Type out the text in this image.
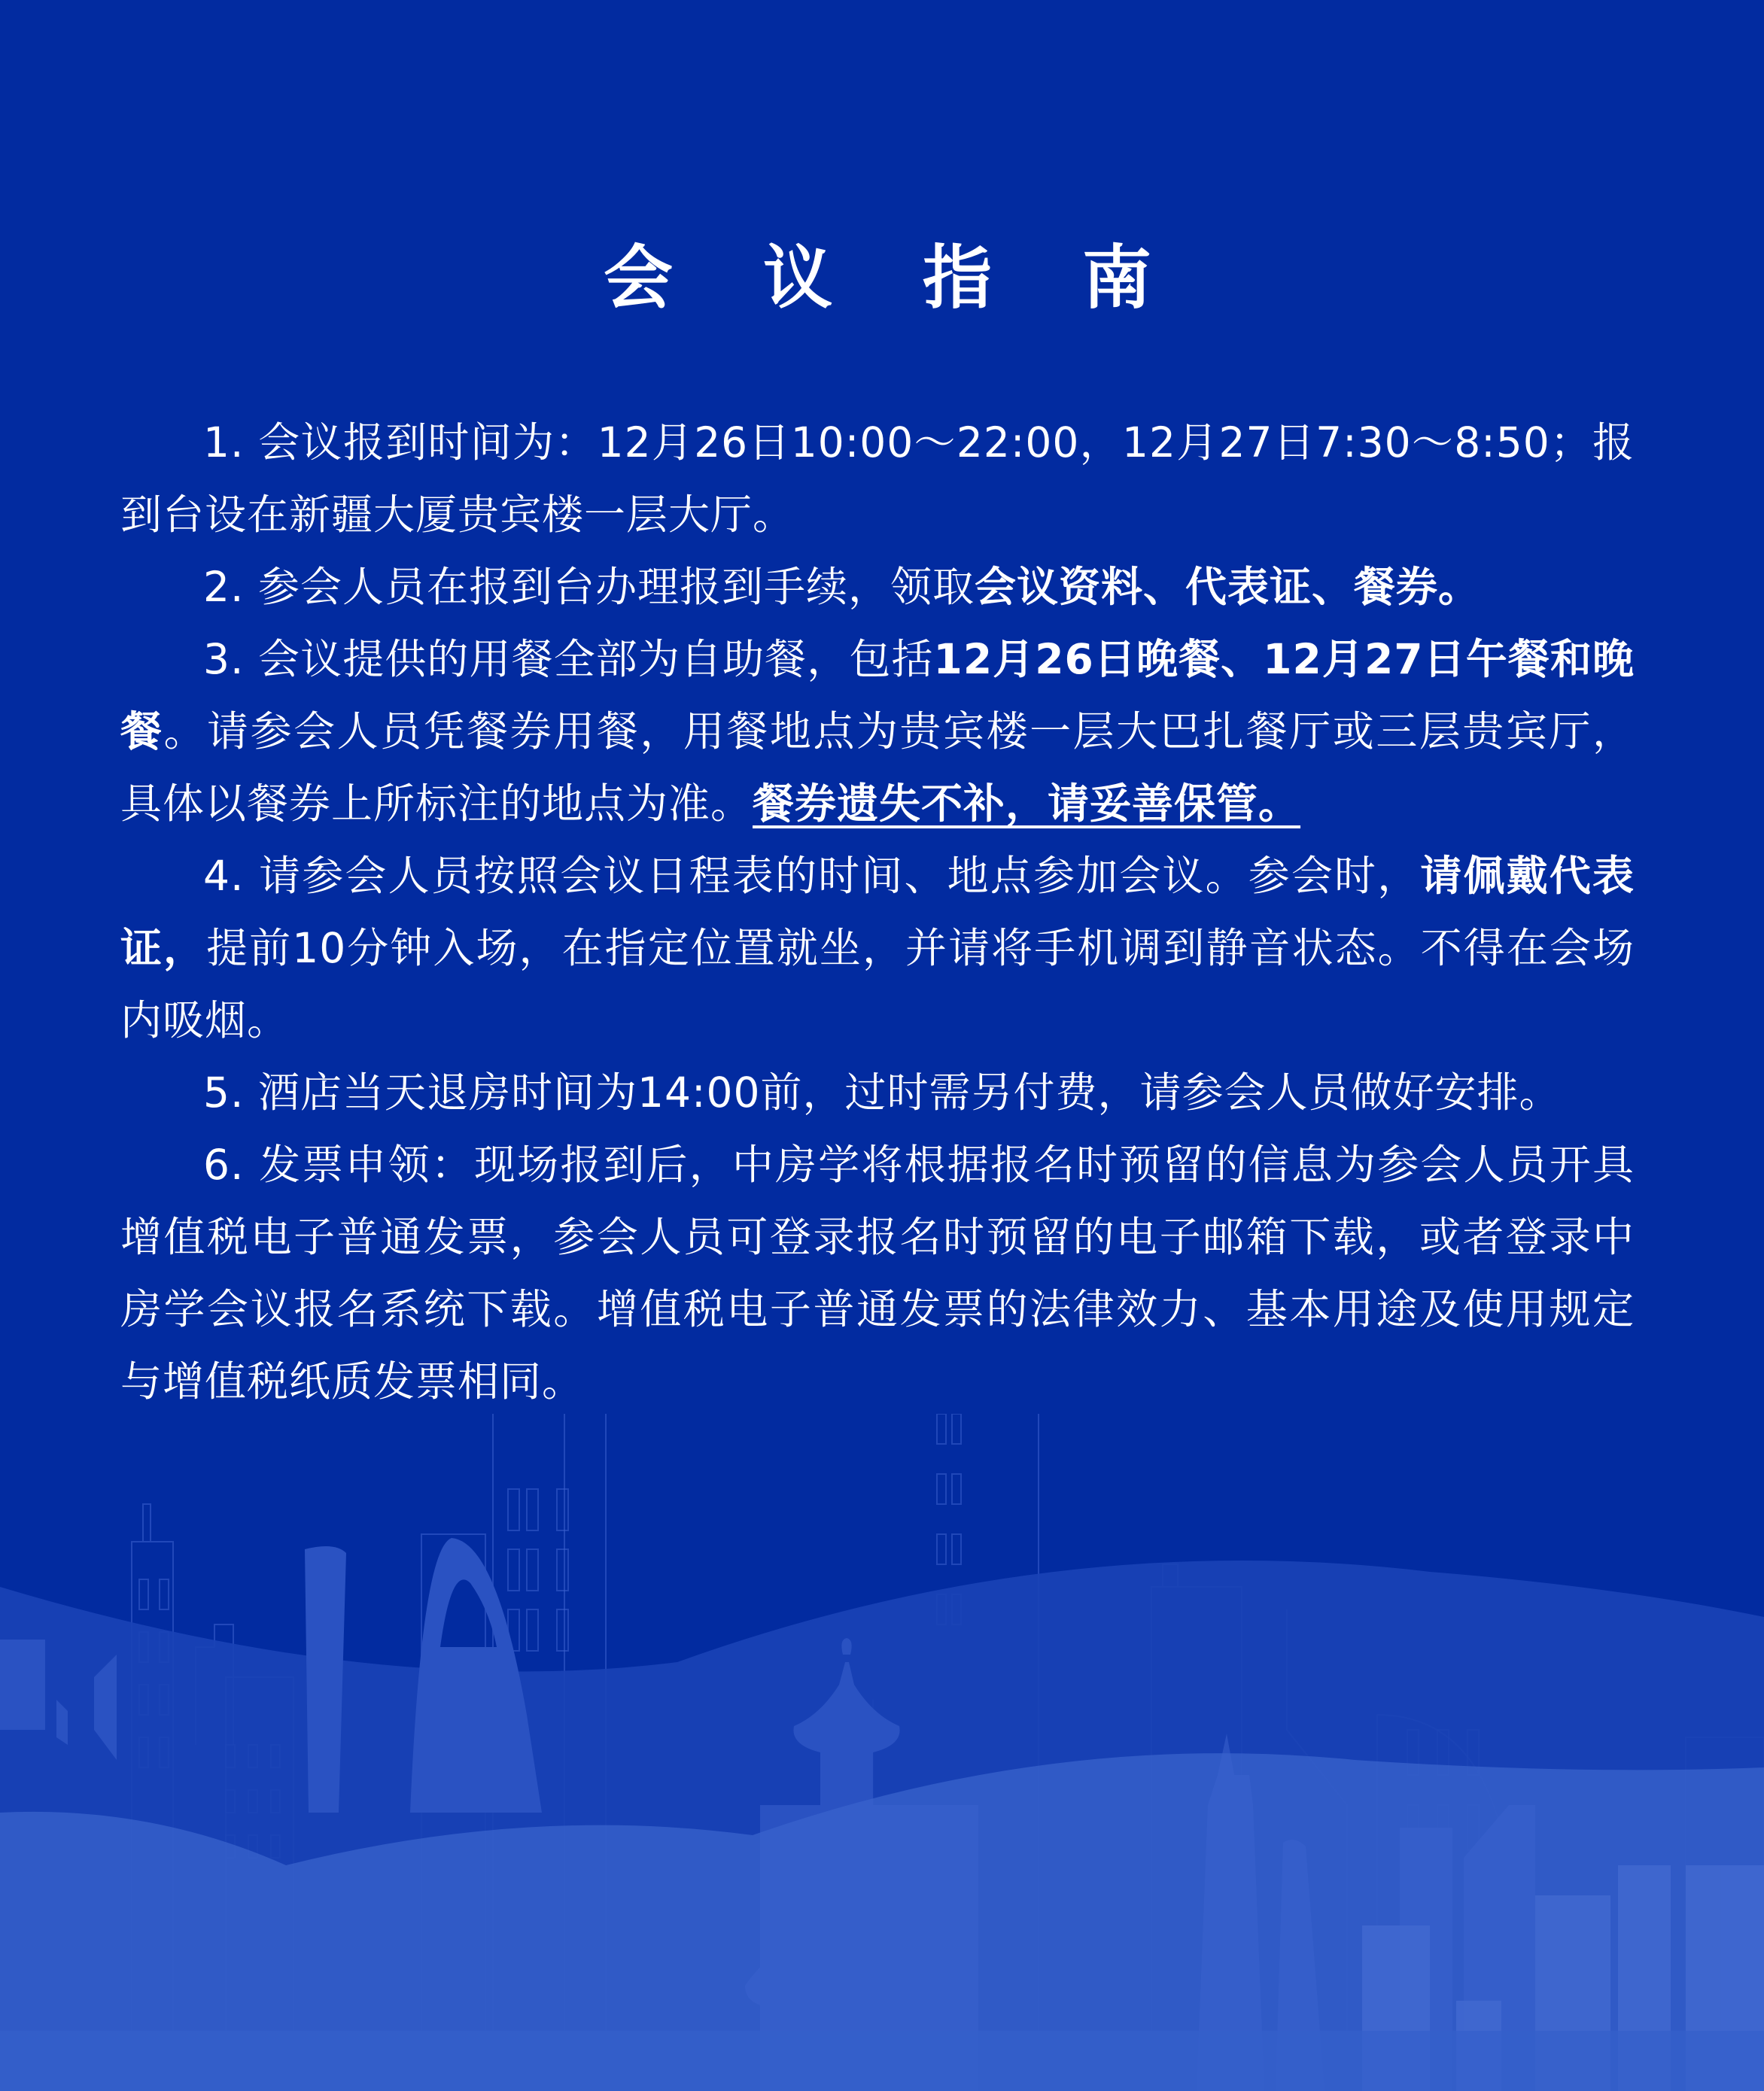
会 议 指 南

1. 会议报到时间为：12月26日10:00～22:00，12月27日7:30～8:50；报到台设在新疆大厦贵宾楼一层大厅。

2. 参会人员在报到台办理报到手续，领取会议资料、代表证、餐券。

3. 会议提供的用餐全部为自助餐，包括12月26日晚餐、12月27日午餐和晚餐。请参会人员凭餐券用餐，用餐地点为贵宾楼一层大巴扎餐厅或三层贵宾厅，具体以餐券上所标注的地点为准。餐券遗失不补，请妥善保管。

4. 请参会人员按照会议日程表的时间、地点参加会议。参会时，请佩戴代表证，提前10分钟入场，在指定位置就坐，并请将手机调到静音状态。不得在会场内吸烟。

5. 酒店当天退房时间为14:00前，过时需另付费，请参会人员做好安排。

6. 发票申领：现场报到后，中房学将根据报名时预留的信息为参会人员开具增值税电子普通发票，参会人员可登录报名时预留的电子邮箱下载，或者登录中房学会议报名系统下载。增值税电子普通发票的法律效力、基本用途及使用规定与增值税纸质发票相同。
